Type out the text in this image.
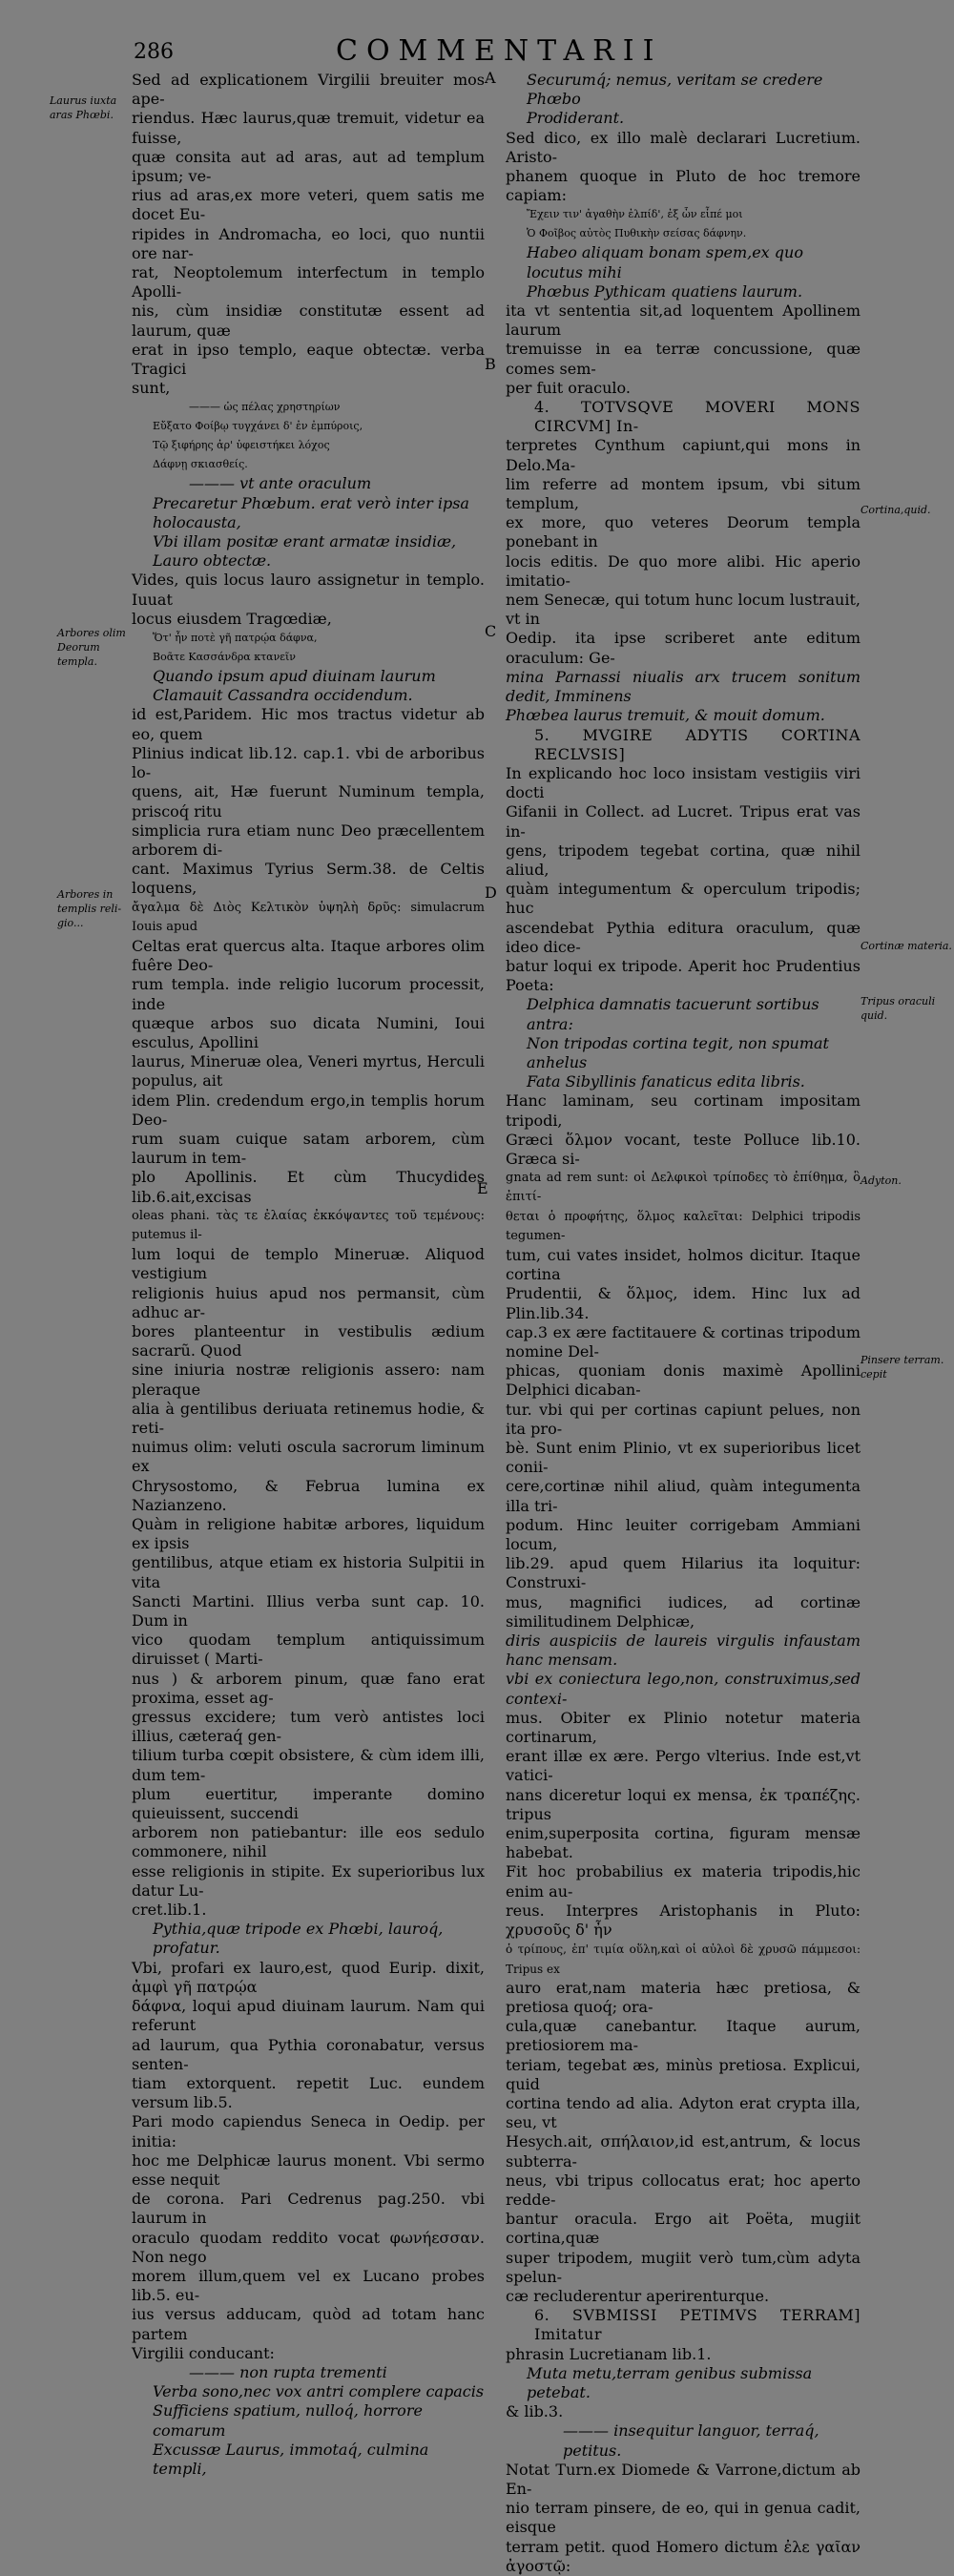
286	COMMENTARII
Laurus iuxta aras Phœbi.
Arbores olim Deorum templa.
Arbores in templis reli-gio...
Cortina,quid.
Cortinæ materia.
Tripus oraculi quid.
Adyton.
Pinsere terram. cepit
A
B
C
D
E

Sed ad explicationem Virgilii breuiter mos ape-

riendus. Hæc laurus,quæ tremuit, videtur ea fuisse,

quæ consita aut ad aras, aut ad templum ipsum; ve-

rius ad aras,ex more veteri, quem satis me docet Eu-

ripides in Andromacha, eo loci, quo nuntii ore nar-

rat, Neoptolemum interfectum in templo Apolli-

nis, cùm insidiæ constitutæ essent ad laurum, quæ

erat in ipso templo, eaque obtectæ. verba Tragici

sunt,

——— ὡς πέλας χρηστηρίων

Εὔξατο Φοίβῳ τυγχάνει δ' ἐν ἐμπύροις,

Τῷ ξιφήρης ἀρ' ὑφειστήκει λόχος

Δάφνῃ σκιασθείς.

——— vt ante oraculum

Precaretur Phœbum. erat verò inter ipsa holocausta,

Vbi illam positæ erant armatæ insidiæ,

Lauro obtectæ.

Vides, quis locus lauro assignetur in templo. Iuuat

locus eiusdem Tragœdiæ,

Ὅτ' ἦν ποτὲ γῆ πατρῴα δάφνα,

Βοᾶτε Κασσάνδρα κτανεῖν

Quando ipsum apud diuinam laurum

Clamauit Cassandra occidendum.

id est,Paridem. Hic mos tractus videtur ab eo, quem

Plinius indicat lib.12. cap.1. vbi de arboribus lo-

quens, ait, Hæ fuerunt Numinum templa, priscoq́ ritu

simplicia rura etiam nunc Deo præcellentem arborem di-

cant. Maximus Tyrius Serm.38. de Celtis loquens,

ἄγαλμα δὲ Διὸς Κελτικὸν ὑψηλὴ δρῦς: simulacrum Iouis apud

Celtas erat quercus alta. Itaque arbores olim fuêre Deo-

rum templa. inde religio lucorum processit, inde

quæque arbos suo dicata Numini, Ioui esculus, Apollini

laurus, Mineruæ olea, Veneri myrtus, Herculi populus, ait

idem Plin. credendum ergo,in templis horum Deo-

rum suam cuique satam arborem, cùm laurum in tem-

plo Apollinis. Et cùm Thucydides lib.6.ait,excisas

oleas phani. τὰς τε ἐλαίας ἐκκόψαντες τοῦ τεμένους: putemus il-

lum loqui de templo Mineruæ. Aliquod vestigium

religionis huius apud nos permansit, cùm adhuc ar-

bores planteentur in vestibulis ædium sacrarũ. Quod

sine iniuria nostræ religionis assero: nam pleraque

alia à gentilibus deriuata retinemus hodie, & reti-

nuimus olim: veluti oscula sacrorum liminum ex

Chrysostomo, & Februa lumina ex Nazianzeno.

Quàm in religione habitæ arbores, liquidum ex ipsis

gentilibus, atque etiam ex historia Sulpitii in vita

Sancti Martini. Illius verba sunt cap. 10. Dum in

vico quodam templum antiquissimum diruisset ( Marti-

nus ) & arborem pinum, quæ fano erat proxima, esset ag-

gressus excidere; tum verò antistes loci illius, cæteraq́ gen-

tilium turba cœpit obsistere, & cùm idem illi, dum tem-

plum euertitur, imperante domino quieuissent, succendi

arborem non patiebantur: ille eos sedulo commonere, nihil

esse religionis in stipite. Ex superioribus lux datur Lu-

cret.lib.1.

Pythia,quæ tripode ex Phœbi, lauroq́, profatur.

Vbi, profari ex lauro,est, quod Eurip. dixit, ἀμφὶ γῆ πατρῴα

δάφνα, loqui apud diuinam laurum. Nam qui referunt

ad laurum, qua Pythia coronabatur, versus senten-

tiam extorquent. repetit Luc. eundem versum lib.5.

Pari modo capiendus Seneca in Oedip. per initia:

hoc me Delphicæ laurus monent. Vbi sermo esse nequit

de corona. Pari Cedrenus pag.250. vbi laurum in

oraculo quodam reddito vocat φωνήεσσαν. Non nego

morem illum,quem vel ex Lucano probes lib.5. eu-

ius versus adducam, quòd ad totam hanc partem

Virgilii conducant:

——— non rupta trementi

Verba sono,nec vox antri complere capacis

Sufficiens spatium, nulloq́, horrore comarum

Excussæ Laurus, immotaq́, culmina templi,

Securumq́; nemus, veritam se credere Phœbo

Prodiderant.

Sed dico, ex illo malè declarari Lucretium. Aristo-

phanem quoque in Pluto de hoc tremore capiam:

Ἔχειν τιν' ἀγαθὴν ἐλπίδ', ἐξ ὧν εἶπέ μοι

Ὁ Φοῖβος αὐτὸς Πυθικὴν σείσας δάφνην.

Habeo aliquam bonam spem,ex quo locutus mihi

Phœbus Pythicam quatiens laurum.

ita vt sententia sit,ad loquentem Apollinem laurum

tremuisse in ea terræ concussione, quæ comes sem-

per fuit oraculo.

4. TOTVSQVE MOVERI MONS CIRCVM] In-

terpretes Cynthum capiunt,qui mons in Delo.Ma-

lim referre ad montem ipsum, vbi situm templum,

ex more, quo veteres Deorum templa ponebant in

locis editis. De quo more alibi. Hic aperio imitatio-

nem Senecæ, qui totum hunc locum lustrauit, vt in

Oedip. ita ipse scriberet ante editum oraculum: Ge-

mina Parnassi niualis arx trucem sonitum dedit, Imminens

Phœbea laurus tremuit, & mouit domum.

5. MVGIRE ADYTIS CORTINA RECLVSIS]

In explicando hoc loco insistam vestigiis viri docti

Gifanii in Collect. ad Lucret. Tripus erat vas in-

gens, tripodem tegebat cortina, quæ nihil aliud,

quàm integumentum & operculum tripodis; huc

ascendebat Pythia editura oraculum, quæ ideo dice-

batur loqui ex tripode. Aperit hoc Prudentius Poeta:

Delphica damnatis tacuerunt sortibus antra:

Non tripodas cortina tegit, non spumat anhelus

Fata Sibyllinis fanaticus edita libris.

Hanc laminam, seu cortinam impositam tripodi,

Græci ὅλμον vocant, teste Polluce lib.10. Græca si-

gnata ad rem sunt: οἱ Δελφικοὶ τρίποδες τὸ ἐπίθημα, ὃ ἐπιτί-

θεται ὁ προφήτης, ὅλμος καλεῖται: Delphici tripodis tegumen-

tum, cui vates insidet, holmos dicitur. Itaque cortina

Prudentii, & ὅλμος, idem. Hinc lux ad Plin.lib.34.

cap.3 ex ære factitauere & cortinas tripodum nomine Del-

phicas, quoniam donis maximè Apollini Delphici dicaban-

tur. vbi qui per cortinas capiunt pelues, non ita pro-

bè. Sunt enim Plinio, vt ex superioribus licet conii-

cere,cortinæ nihil aliud, quàm integumenta illa tri-

podum. Hinc leuiter corrigebam Ammiani locum,

lib.29. apud quem Hilarius ita loquitur: Construxi-

mus, magnifici iudices, ad cortinæ similitudinem Delphicæ,

diris auspiciis de laureis virgulis infaustam hanc mensam.

vbi ex coniectura lego,non, construximus,sed contexi-

mus. Obiter ex Plinio notetur materia cortinarum,

erant illæ ex ære. Pergo vlterius. Inde est,vt vatici-

nans diceretur loqui ex mensa, ἐκ τραπέζης. tripus

enim,superposita cortina, figuram mensæ habebat.

Fit hoc probabilius ex materia tripodis,hic enim au-

reus. Interpres Aristophanis in Pluto: χρυσοῦς δ' ἦν

ὁ τρίπους, ἐπ' τιμία οὕλη,καὶ οἱ αὐλοὶ δὲ χρυσῶ πάμμεσοι: Tripus ex

auro erat,nam materia hæc pretiosa, & pretiosa quoq́; ora-

cula,quæ canebantur. Itaque aurum, pretiosiorem ma-

teriam, tegebat æs, minùs pretiosa. Explicui, quid

cortina tendo ad alia. Adyton erat crypta illa, seu, vt

Hesych.ait, σπήλαιον,id est,antrum, & locus subterra-

neus, vbi tripus collocatus erat; hoc aperto redde-

bantur oracula. Ergo ait Poëta, mugiit cortina,quæ

super tripodem, mugiit verò tum,cùm adyta spelun-

cæ recluderentur aperirenturque.

6. SVBMISSI PETIMVS TERRAM] Imitatur

phrasin Lucretianam lib.1.

Muta metu,terram genibus submissa petebat.

& lib.3.

——— insequitur languor, terraq́, petitus.

Notat Turn.ex Diomede & Varrone,dictum ab En-

nio terram pinsere, de eo, qui in genua cadit, eisque

terram petit. quod Homero dictum ἐλε γαῖαν ἀγοστῷ:
